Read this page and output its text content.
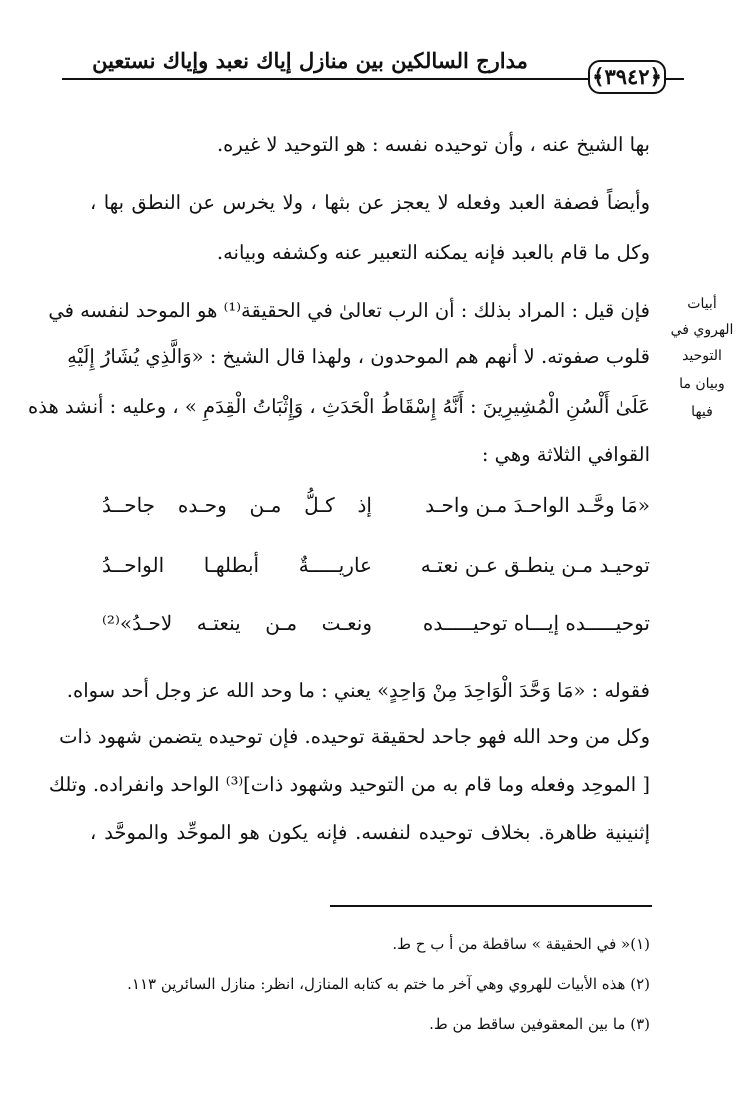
مدارج السالكين بين منازل إياك نعبد وإياك نستعين
﴿٣٩٤٢﴾
بها الشيخ عنه ، وأن توحيده نفسه : هو التوحيد لا غيره.
وأيضاً فصفة العبد وفعله لا يعجز عن بثها ، ولا يخرس عن النطق بها ،
وكل ما قام بالعبد فإنه يمكنه التعبير عنه وكشفه وبيانه.
فإن قيل : المراد بذلك : أن الرب تعالىٰ في الحقيقة⁽¹⁾ هو الموحد لنفسه في
قلوب صفوته. لا أنهم هم الموحدون ، ولهذا قال الشيخ : «وَالَّذِي يُشَارُ إِلَيْهِ
عَلَىٰ أَلْسُنِ الْمُشِيرِينَ : أَنَّهُ إِسْقَاطُ الْحَدَثِ ، وَإِثْبَاتُ الْقِدَمِ » ، وعليه : أنشد هذه
القوافي الثلاثة وهي :
أبيات
الهروي في
التوحيد
وبيان ما
فيها
«مَا وحَّـد الواحـدَ مـن واحـد
إذ كـلُّ مـن وحـده جاحــدُ
توحيـد مـن ينطـق عـن نعتـه
عاريـــــةٌ أبطلهـا الواحــدُ
توحيـــــده إيـــاه توحيـــــده
ونعـت مـن ينعتـه لاحـدُ»⁽²⁾
فقوله : «مَا وَحَّدَ الْوَاحِدَ مِنْ وَاحِدٍ» يعني : ما وحد الله عز وجل أحد سواه.
وكل من وحد الله فهو جاحد لحقيقة توحيده. فإن توحيده يتضمن شهود ذات
[ الموحِد وفعله وما قام به من التوحيد وشهود ذات]⁽³⁾ الواحد وانفراده. وتلك
إثنينية ظاهرة. بخلاف توحيده لنفسه. فإنه يكون هو الموحِّد والموحَّد ،
(١)« في الحقيقة » ساقطة من أ ب ح ط.
(٢) هذه الأبيات للهروي وهي آخر ما ختم به كتابه المنازل، انظر: منازل السائرين ١١٣.
(٣) ما بين المعقوفين ساقط من ط.
